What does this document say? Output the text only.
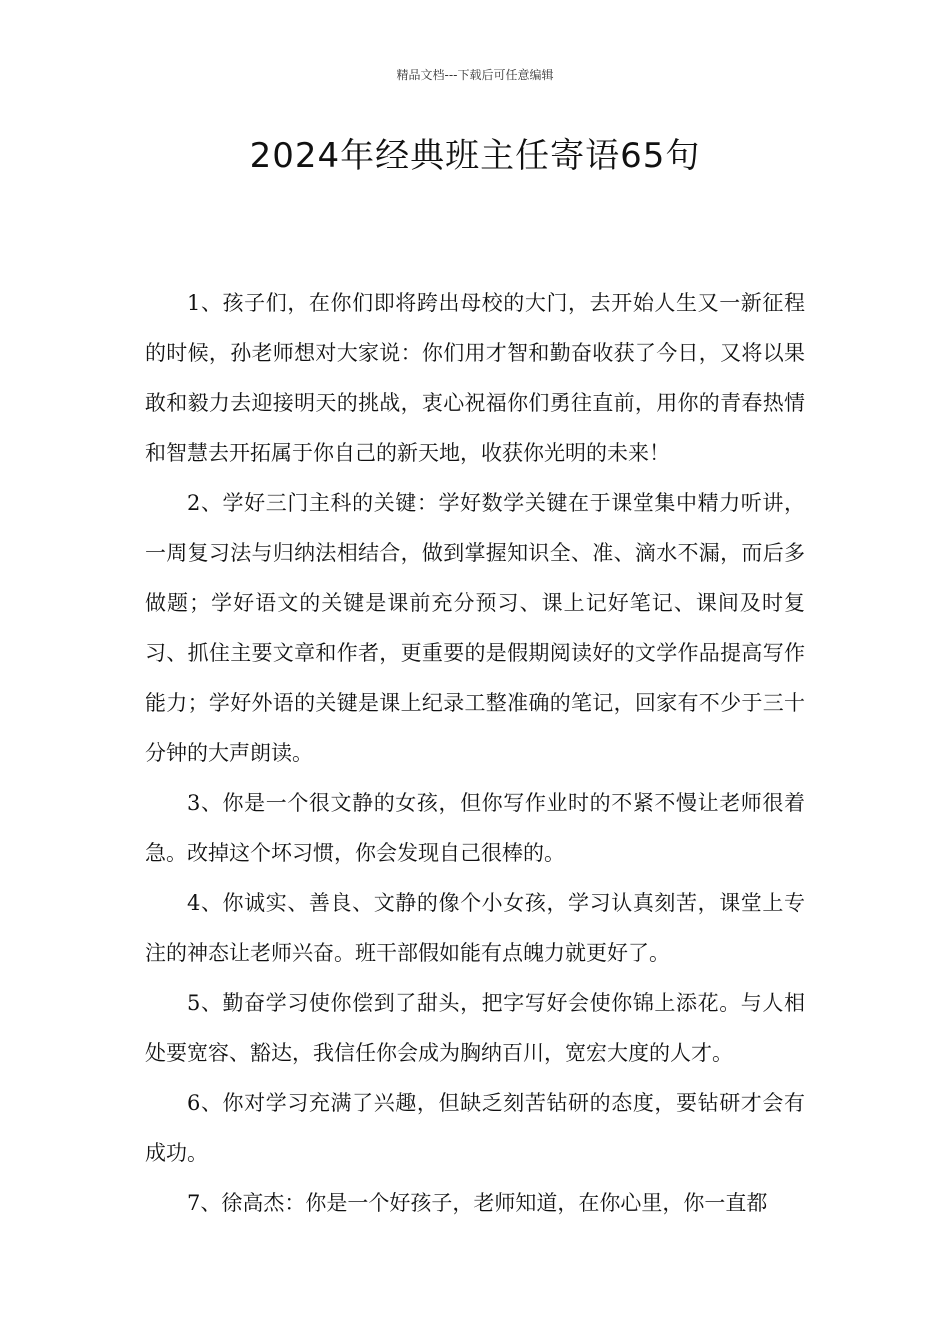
精品文档---下载后可任意编辑
2024年经典班主任寄语65句

1、孩子们，在你们即将跨出母校的大门，去开始人生又一新征程的时候，孙老师想对大家说：你们用才智和勤奋收获了今日，又将以果敢和毅力去迎接明天的挑战，衷心祝福你们勇往直前，用你的青春热情和智慧去开拓属于你自己的新天地，收获你光明的未来！

2、学好三门主科的关键：学好数学关键在于课堂集中精力听讲，一周复习法与归纳法相结合，做到掌握知识全、准、滴水不漏，而后多做题；学好语文的关键是课前充分预习、课上记好笔记、课间及时复习、抓住主要文章和作者，更重要的是假期阅读好的文学作品提高写作能力；学好外语的关键是课上纪录工整准确的笔记，回家有不少于三十分钟的大声朗读。

3、你是一个很文静的女孩，但你写作业时的不紧不慢让老师很着急。改掉这个坏习惯，你会发现自己很棒的。

4、你诚实、善良、文静的像个小女孩，学习认真刻苦，课堂上专注的神态让老师兴奋。班干部假如能有点魄力就更好了。

5、勤奋学习使你偿到了甜头，把字写好会使你锦上添花。与人相处要宽容、豁达，我信任你会成为胸纳百川，宽宏大度的人才。

6、你对学习充满了兴趣，但缺乏刻苦钻研的态度，要钻研才会有成功。

7、徐高杰：你是一个好孩子，老师知道，在你心里，你一直都
